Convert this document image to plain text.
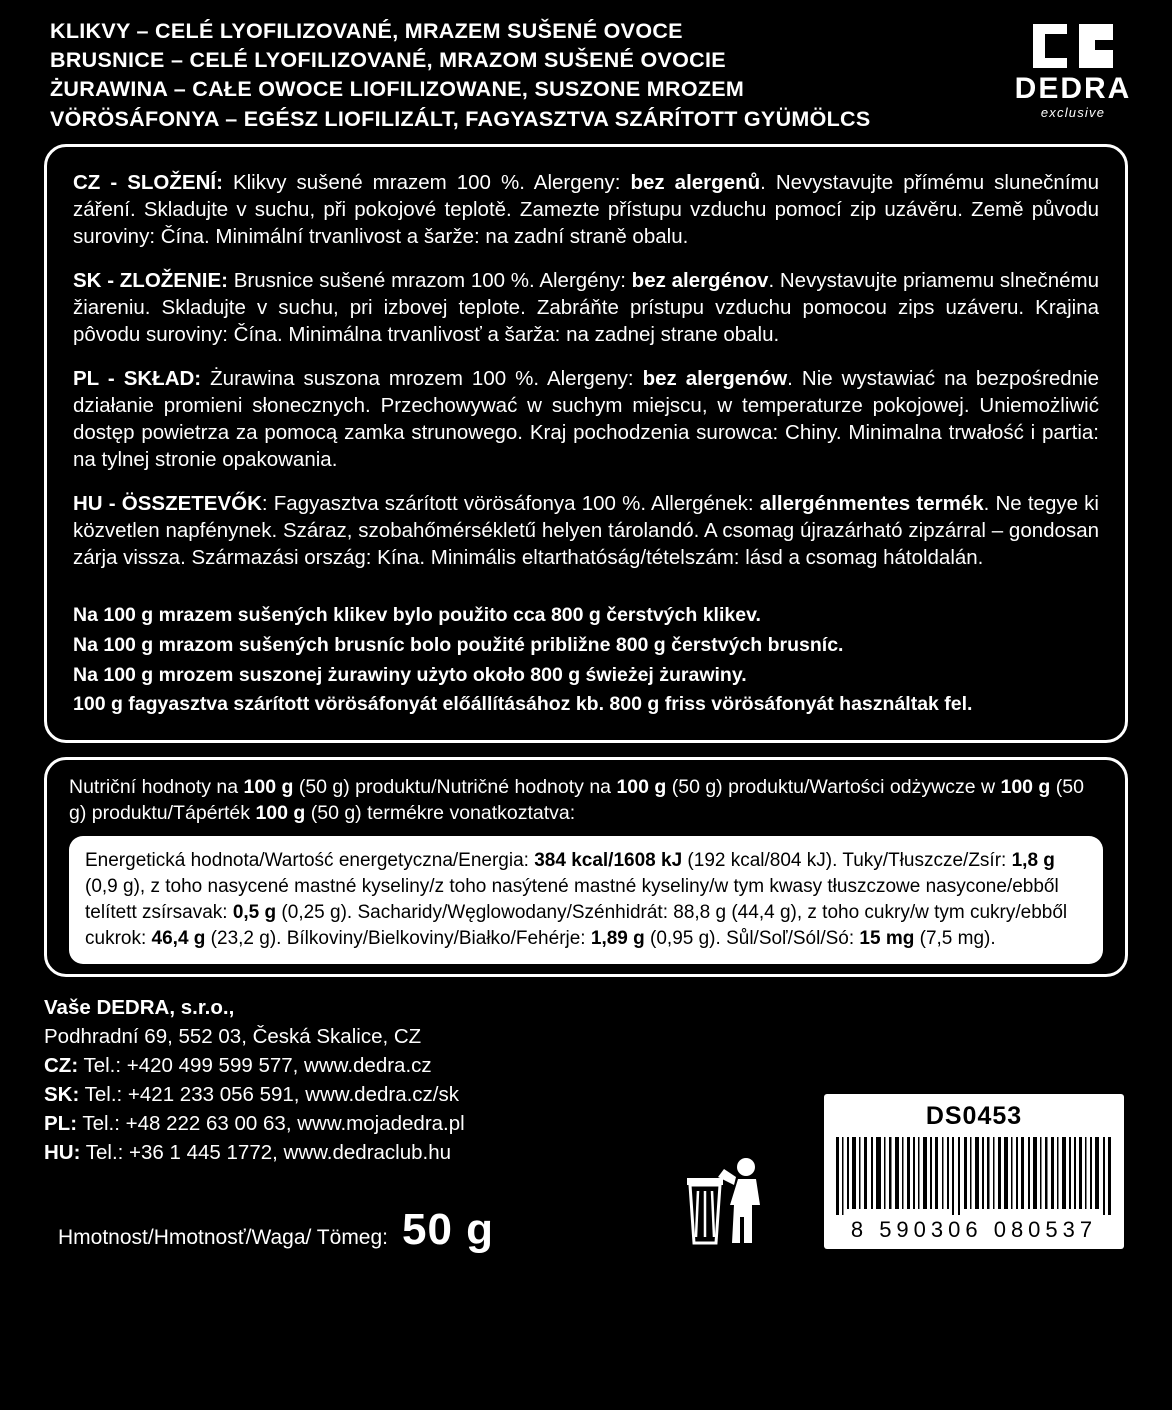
KLIKVY – CELÉ LYOFILIZOVANÉ, MRAZEM SUŠENÉ OVOCE
BRUSNICE – CELÉ LYOFILIZOVANÉ, MRAZOM SUŠENÉ OVOCIE
ŻURAWINA – CAŁE OWOCE LIOFILIZOWANE, SUSZONE MROZEM
VÖRÖSÁFONYA – EGÉSZ LIOFILIZÁLT, FAGYASZTVA SZÁRÍTOTT GYÜMÖLCS
DEDRA
exclusive
CZ - SLOŽENÍ: Klikvy sušené mrazem 100 %. Alergeny: bez alergenů. Nevystavujte přímému slunečnímu záření. Skladujte v suchu, při pokojové teplotě. Zamezte přístupu vzduchu pomocí zip uzávěru. Země původu suroviny: Čína. Minimální trvanlivost a šarže: na zadní straně obalu.
SK - ZLOŽENIE: Brusnice sušené mrazom 100 %. Alergény: bez alergénov. Nevystavujte priamemu slnečnému žiareniu. Skladujte v suchu, pri izbovej teplote. Zabráňte prístupu vzduchu pomocou zips uzáveru. Krajina pôvodu suroviny: Čína. Minimálna trvanlivosť a šarža: na zadnej strane obalu.
PL - SKŁAD: Żurawina suszona mrozem 100 %. Alergeny: bez alergenów. Nie wystawiać na bezpośrednie działanie promieni słonecznych. Przechowywać w suchym miejscu, w temperaturze pokojowej. Uniemożliwić dostęp powietrza za pomocą zamka strunowego. Kraj pochodzenia surowca: Chiny. Minimalna trwałość i partia: na tylnej stronie opakowania.
HU - ÖSSZETEVŐK: Fagyasztva szárított vörösáfonya 100 %. Allergének: allergénmentes termék. Ne tegye ki közvetlen napfénynek. Száraz, szobahőmérsékletű helyen tárolandó. A csomag újrazárható zipzárral – gondosan zárja vissza. Származási ország: Kína. Minimális eltarthatóság/tételszám: lásd a csomag hátoldalán.
Na 100 g mrazem sušených klikev bylo použito cca 800 g čerstvých klikev.
Na 100 g mrazom sušených brusníc bolo použité približne 800 g čerstvých brusníc.
Na 100 g mrozem suszonej żurawiny użyto około 800 g świeżej żurawiny.
100 g fagyasztva szárított vörösáfonyát előállításához kb. 800 g friss vörösáfonyát használtak fel.
Nutriční hodnoty na 100 g (50 g) produktu/Nutričné hodnoty na 100 g (50 g) produktu/Wartości odżywcze w 100 g (50 g) produktu/Tápérték 100 g (50 g) termékre vonatkoztatva:
Energetická hodnota/Wartość energetyczna/Energia: 384 kcal/1608 kJ (192 kcal/804 kJ). Tuky/Tłuszcze/Zsír: 1,8 g (0,9 g), z toho nasycené mastné kyseliny/z toho nasýtené mastné kyseliny/w tym kwasy tłuszczowe nasycone/ebből telített zsírsavak: 0,5 g (0,25 g). Sacharidy/Węglowodany/Szénhidrát: 88,8 g (44,4 g), z toho cukry/w tym cukry/ebből cukrok: 46,4 g (23,2 g). Bílkoviny/Bielkoviny/Białko/Fehérje: 1,89 g (0,95 g). Sůl/Soľ/Sól/Só: 15 mg (7,5 mg).
Vaše DEDRA, s.r.o.,
Podhradní 69, 552 03, Česká Skalice, CZ
CZ: Tel.: +420 499 599 577, www.dedra.cz
SK: Tel.: +421 233 056 591, www.dedra.cz/sk
PL: Tel.: +48 222 63 00 63, www.mojadedra.pl
HU: Tel.: +36 1 445 1772, www.dedraclub.hu
Hmotnost/Hmotnosť/Waga/ Tömeg: 50 g
DS0453
8 590306 080537
